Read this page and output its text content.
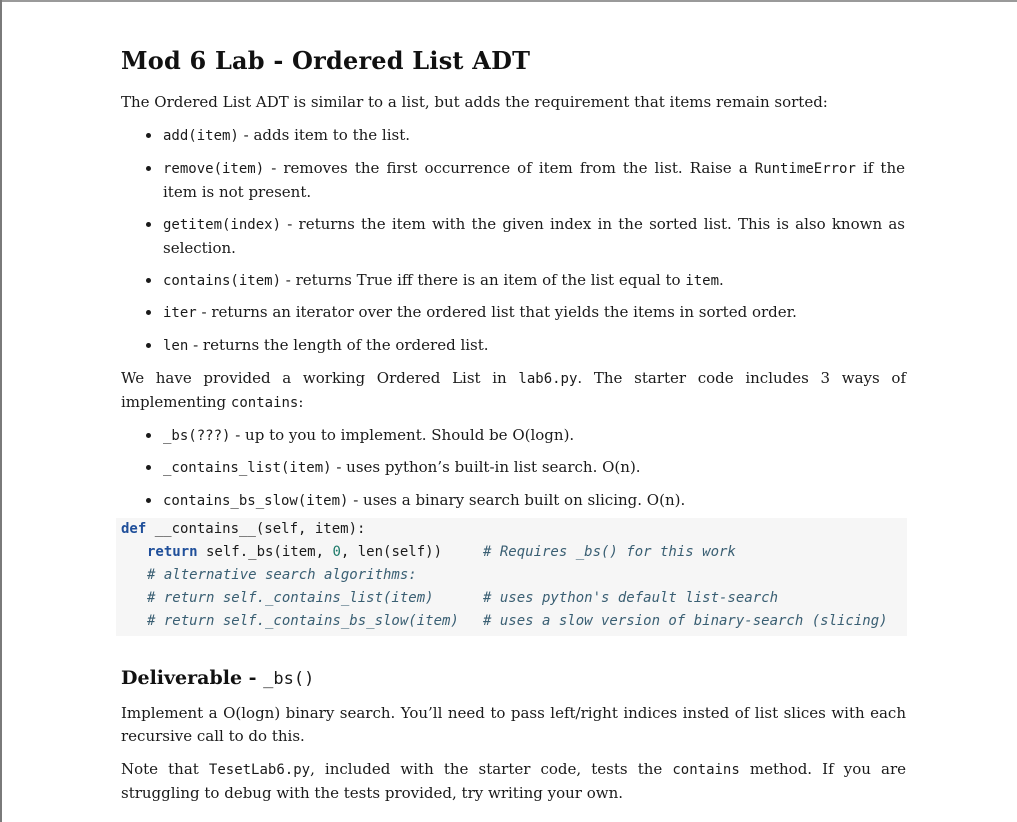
Mod 6 Lab - Ordered List ADT

The Ordered List ADT is similar to a list, but adds the requirement that items remain sorted:

add(item) - adds item to the list.

remove(item) - removes the first occurrence of item from the list. Raise a RuntimeError if the item is not present.

getitem(index) - returns the item with the given index in the sorted list. This is also known as selection.

contains(item) - returns True iff there is an item of the list equal to item.

iter - returns an iterator over the ordered list that yields the items in sorted order.

len - returns the length of the ordered list.

We have provided a working Ordered List in lab6.py. The starter code includes 3 ways of implementing contains:

_bs(???) - up to you to implement. Should be O(logn).

_contains_list(item) - uses python’s built-in list search. O(n).

contains_bs_slow(item) - uses a binary search built on slicing. O(n).

def __contains__(self, item):
return self._bs(item, 0, len(self))	# Requires _bs() for this work
# alternative search algorithms:
# return self._contains_list(item)	# uses python's default list-search
# return self._contains_bs_slow(item) # uses a slow version of binary-search (slicing)
Deliverable - _bs()

Implement a O(logn) binary search. You’ll need to pass left/right indices insted of list slices with each recursive call to do this.

Note that TesetLab6.py, included with the starter code, tests the contains method. If you are struggling to debug with the tests provided, try writing your own.
